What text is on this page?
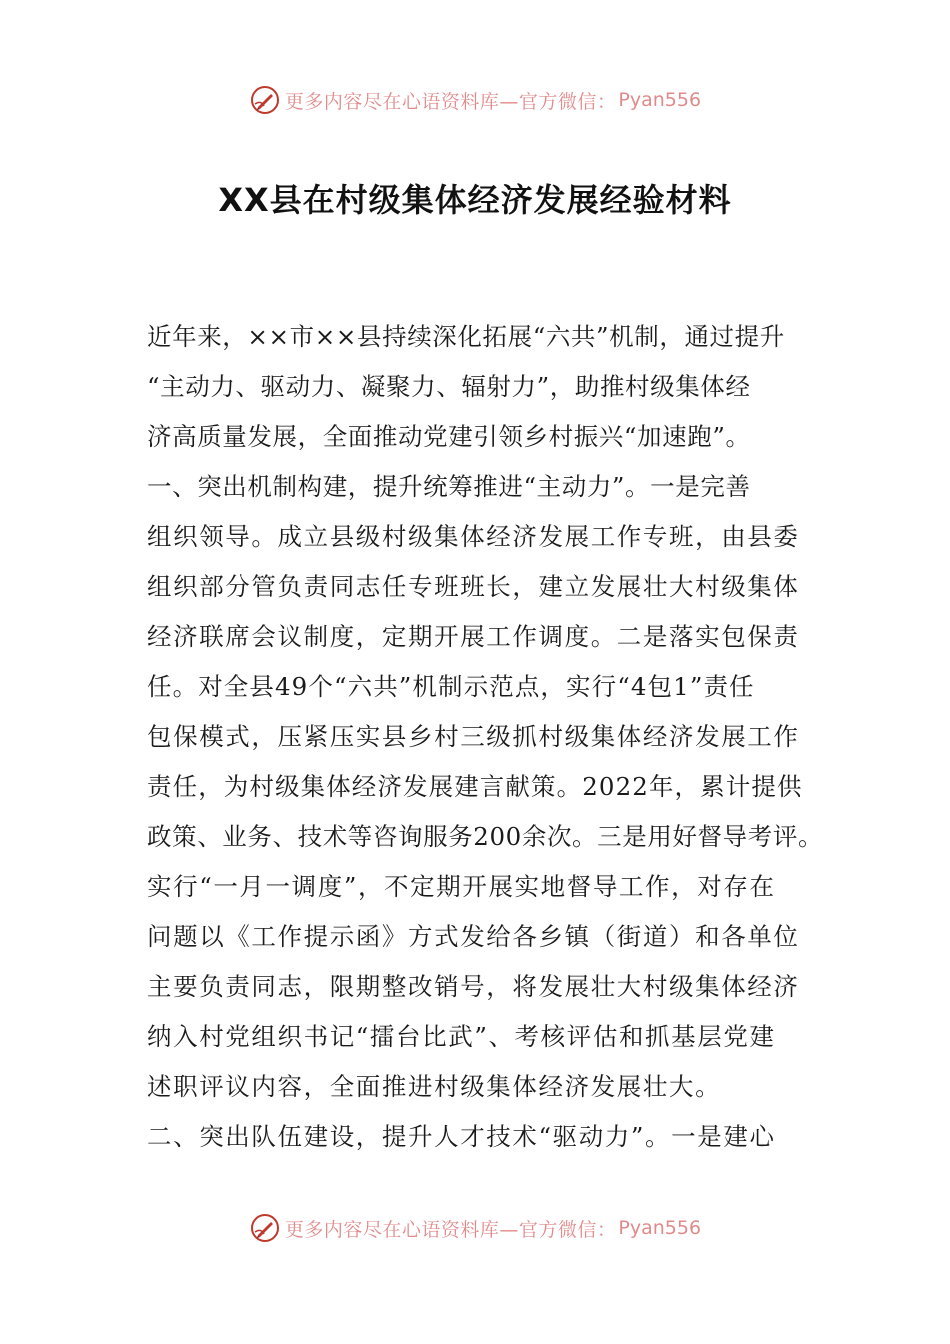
更多内容尽在心语资料库—官方微信： Pyan556
XX县在村级集体经济发展经验材料
近年来，××市××县持续深化拓展“六共”机制，通过提升
“主动力、驱动力、凝聚力、辐射力”，助推村级集体经
济高质量发展，全面推动党建引领乡村振兴“加速跑”。
一、突出机制构建，提升统筹推进“主动力”。一是完善
组织领导。成立县级村级集体经济发展工作专班，由县委
组织部分管负责同志任专班班长，建立发展壮大村级集体
经济联席会议制度，定期开展工作调度。二是落实包保责
任。对全县49个“六共”机制示范点，实行“4包1”责任
包保模式，压紧压实县乡村三级抓村级集体经济发展工作
责任，为村级集体经济发展建言献策。2022年，累计提供
政策、业务、技术等咨询服务200余次。三是用好督导考评。
实行“一月一调度”，不定期开展实地督导工作，对存在
问题以《工作提示函》方式发给各乡镇（街道）和各单位
主要负责同志，限期整改销号，将发展壮大村级集体经济
纳入村党组织书记“擂台比武”、考核评估和抓基层党建
述职评议内容，全面推进村级集体经济发展壮大。
二、突出队伍建设，提升人才技术“驱动力”。一是建心
更多内容尽在心语资料库—官方微信： Pyan556
